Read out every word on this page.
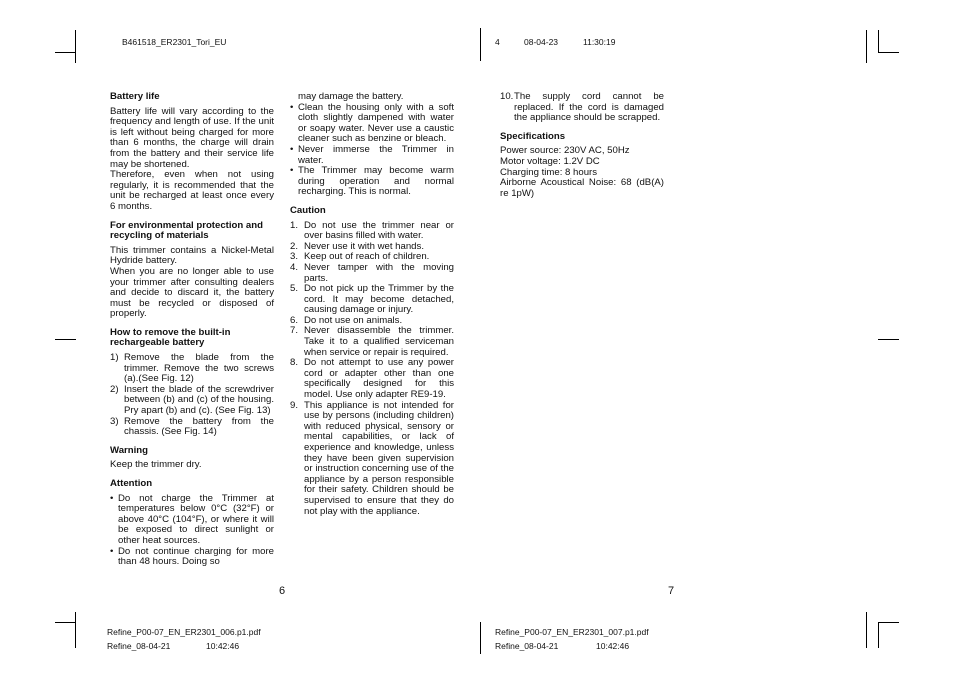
B461518_ER2301_Tori_EU	4	08-04-23	11:30:19
Battery life

Battery life will vary according to the frequency and length of use. If the unit is left without being charged for more than 6 months, the charge will drain from the battery and their service life may be shortened.

Therefore, even when not using regularly, it is recommended that the unit be recharged at least once every 6 months.

For environmental protection and recycling of materials

This trimmer contains a Nickel-Metal Hydride battery.

When you are no longer able to use your trimmer after consulting dealers and decide to discard it, the battery must be recycled or disposed of properly.

How to remove the built-in rechargeable battery
1) Remove the blade from the trimmer. Remove the two screws (a).(See Fig. 12)
2) Insert the blade of the screwdriver between (b) and (c) of the housing. Pry apart (b) and (c). (See Fig. 13)
3) Remove the battery from the chassis. (See Fig. 14)
Warning

Keep the trimmer dry.

Attention
• Do not charge the Trimmer at temperatures below 0°C (32°F) or above 40°C (104°F), or where it will be exposed to direct sunlight or other heat sources.
• Do not continue charging for more than 48 hours. Doing so

may damage the battery.

• Clean the housing only with a soft cloth slightly dampened with water or soapy water. Never use a caustic cleaner such as benzine or bleach.
• Never immerse the Trimmer in water.
• The Trimmer may become warm during operation and normal recharging. This is normal.
Caution
1. Do not use the trimmer near or over basins filled with water.
2. Never use it with wet hands.
3. Keep out of reach of children.
4. Never tamper with the moving parts.
5. Do not pick up the Trimmer by the cord. It may become detached, causing damage or injury.
6. Do not use on animals.
7. Never disassemble the trimmer. Take it to a qualified serviceman when service or repair is required.
8. Do not attempt to use any power cord or adapter other than one specifically designed for this model. Use only adapter RE9-19.
9. This appliance is not intended for use by persons (including children) with reduced physical, sensory or mental capabilities, or lack of experience and knowledge, unless they have been given supervision or instruction concerning use of the appliance by a person responsible for their safety. Children should be supervised to ensure that they do not play with the appliance.
10. The supply cord cannot be replaced. If the cord is damaged the appliance should be scrapped.
Specifications

Power source: 230V AC, 50Hz

Motor voltage: 1.2V DC

Charging time: 8 hours

Airborne Acoustical Noise: 68 (dB(A) re 1pW)

6	7
Refine_P00-07_EN_ER2301_006.p1.pdf
Refine_08-04-21	10:42:46
Refine_P00-07_EN_ER2301_007.p1.pdf
Refine_08-04-21	10:42:46
